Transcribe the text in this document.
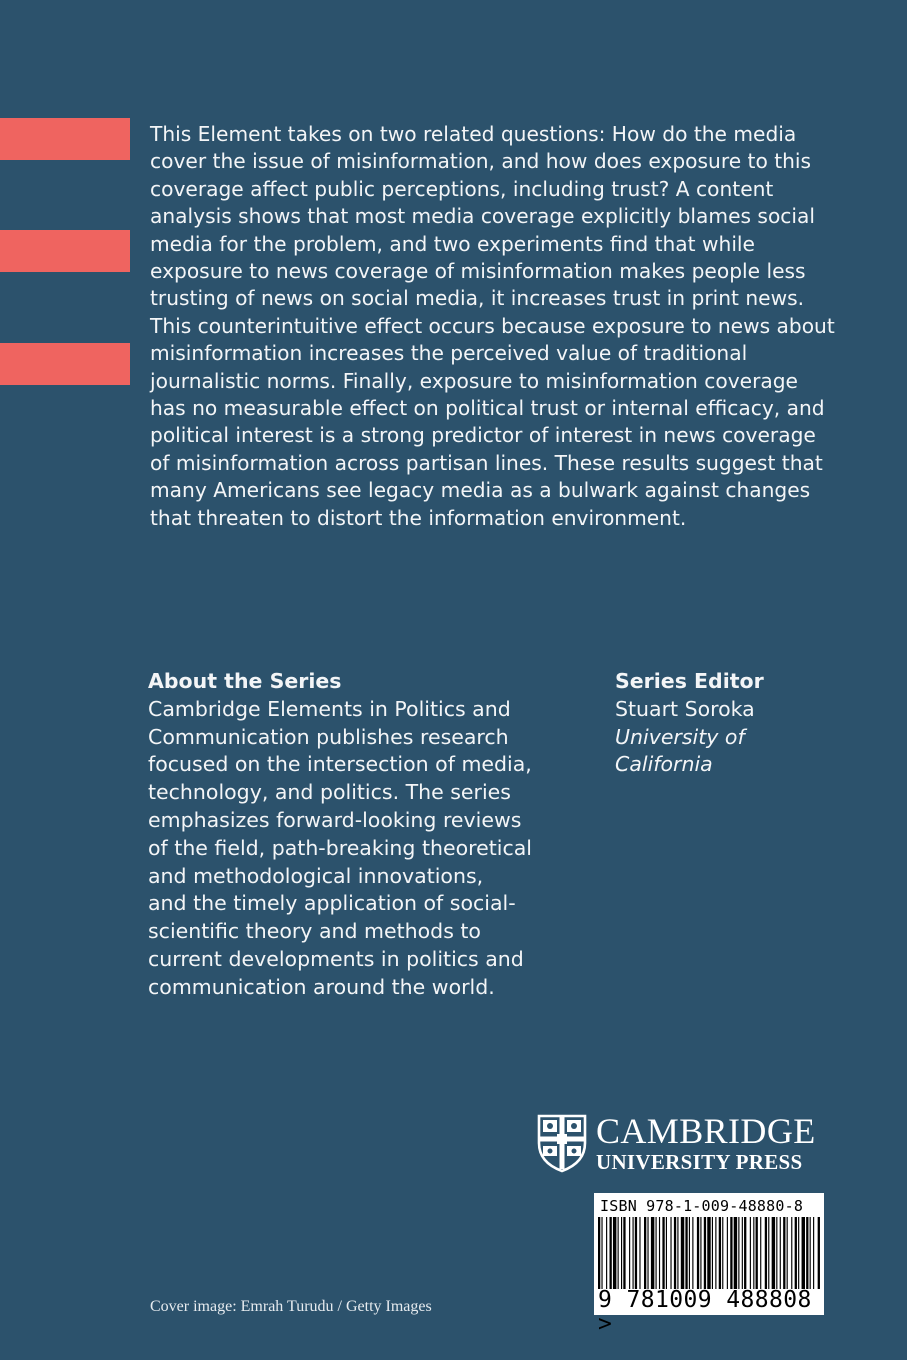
This Element takes on two related questions: How do the media cover the issue of misinformation, and how does exposure to this coverage affect public perceptions, including trust? A content analysis shows that most media coverage explicitly blames social media for the problem, and two experiments find that while exposure to news coverage of misinformation makes people less trusting of news on social media, it increases trust in print news. This counterintuitive effect occurs because exposure to news about misinformation increases the perceived value of traditional journalistic norms. Finally, exposure to misinformation coverage has no measurable effect on political trust or internal efficacy, and political interest is a strong predictor of interest in news coverage of misinformation across partisan lines. These results suggest that many Americans see legacy media as a bulwark against changes that threaten to distort the information environment.

About the Series

Cambridge Elements in Politics and
Communication publishes research
focused on the intersection of media,
technology, and politics. The series
emphasizes forward-looking reviews
of the field, path-breaking theoretical
and methodological innovations,
and the timely application of social-
scientific theory and methods to
current developments in politics and
communication around the world.

Series Editor
Stuart Soroka
University of
California
CAMBRIDGE
UNIVERSITY PRESS
ISBN 978-1-009-48880-8
9 781009 488808 >
Cover image: Emrah Turudu / Getty Images
